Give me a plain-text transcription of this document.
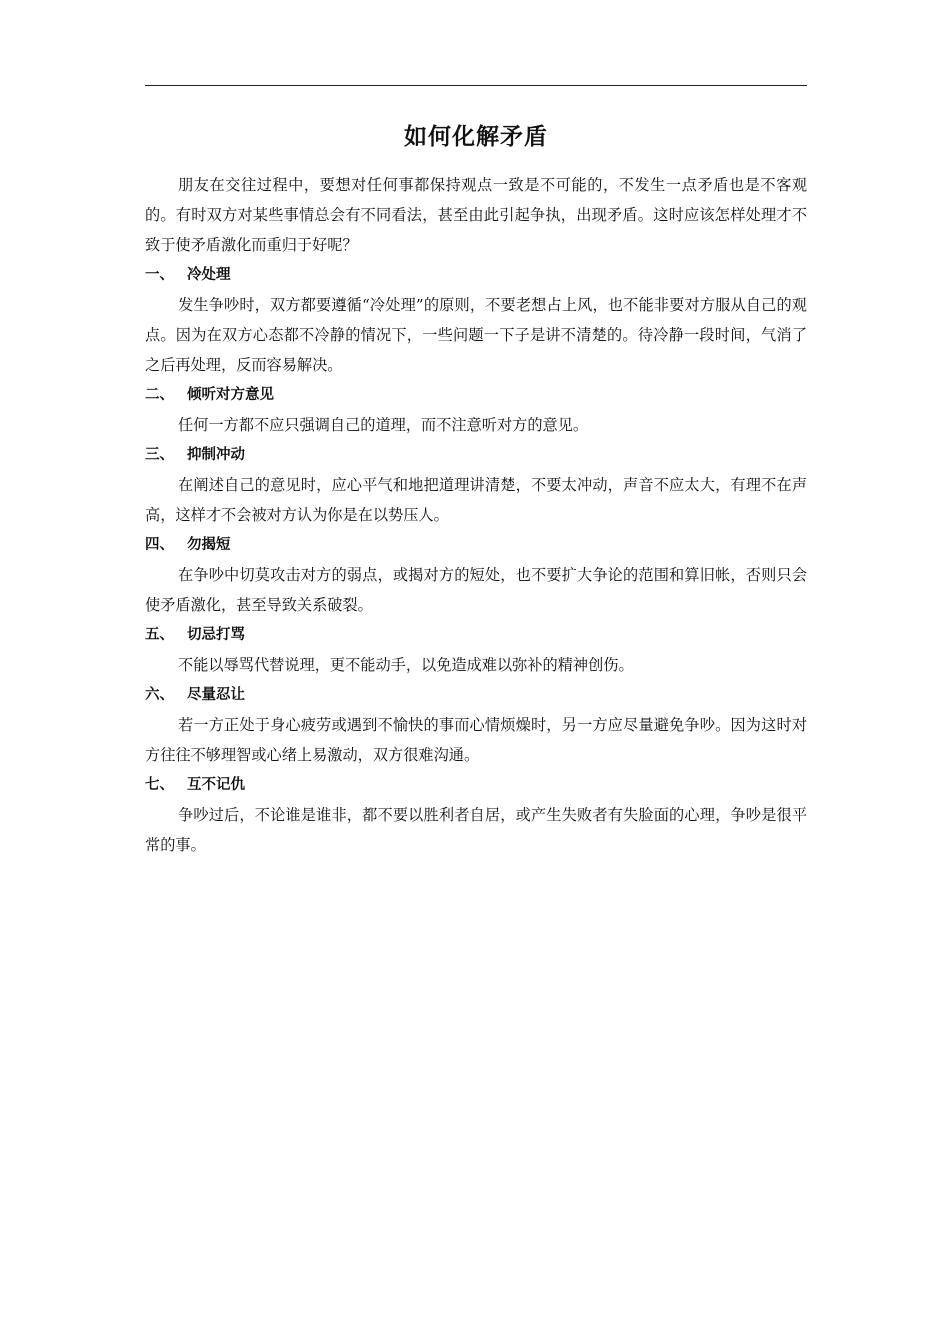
如何化解矛盾

朋友在交往过程中，要想对任何事都保持观点一致是不可能的，不发生一点矛盾也是不客观的。有时双方对某些事情总会有不同看法，甚至由此引起争执，出现矛盾。这时应该怎样处理才不致于使矛盾激化而重归于好呢？

一、 冷处理

发生争吵时，双方都要遵循“冷处理”的原则，不要老想占上风，也不能非要对方服从自己的观点。因为在双方心态都不冷静的情况下，一些问题一下子是讲不清楚的。待冷静一段时间，气消了之后再处理，反而容易解决。

二、 倾听对方意见

任何一方都不应只强调自己的道理，而不注意听对方的意见。

三、 抑制冲动

在阐述自己的意见时，应心平气和地把道理讲清楚，不要太冲动，声音不应太大，有理不在声高，这样才不会被对方认为你是在以势压人。

四、 勿揭短

在争吵中切莫攻击对方的弱点，或揭对方的短处，也不要扩大争论的范围和算旧帐，否则只会使矛盾激化，甚至导致关系破裂。

五、 切忌打骂

不能以辱骂代替说理，更不能动手，以免造成难以弥补的精神创伤。

六、 尽量忍让

若一方正处于身心疲劳或遇到不愉快的事而心情烦燥时，另一方应尽量避免争吵。因为这时对方往往不够理智或心绪上易激动，双方很难沟通。

七、 互不记仇

争吵过后，不论谁是谁非，都不要以胜利者自居，或产生失败者有失脸面的心理，争吵是很平常的事。
